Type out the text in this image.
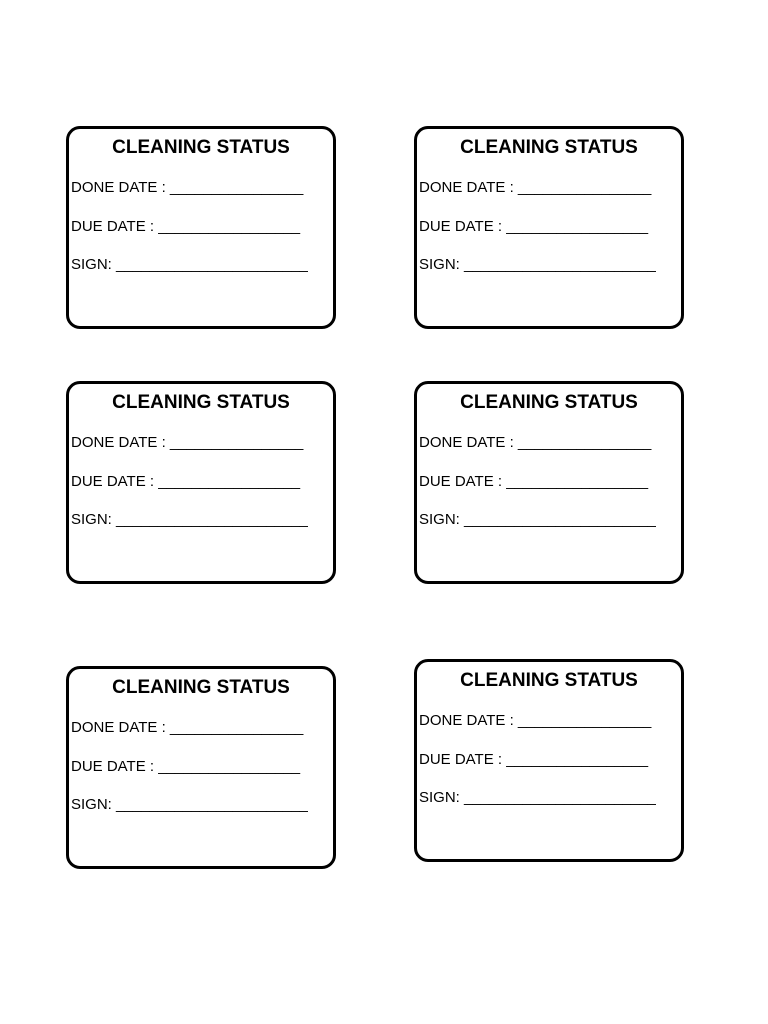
CLEANING STATUS
DONE DATE : ________________
DUE DATE : _________________
SIGN: _______________________
CLEANING STATUS
DONE DATE : ________________
DUE DATE : _________________
SIGN: _______________________
CLEANING STATUS
DONE DATE : ________________
DUE DATE : _________________
SIGN: _______________________
CLEANING STATUS
DONE DATE : ________________
DUE DATE : _________________
SIGN: _______________________
CLEANING STATUS
DONE DATE : ________________
DUE DATE : _________________
SIGN: _______________________
CLEANING STATUS
DONE DATE : ________________
DUE DATE : _________________
SIGN: _______________________
